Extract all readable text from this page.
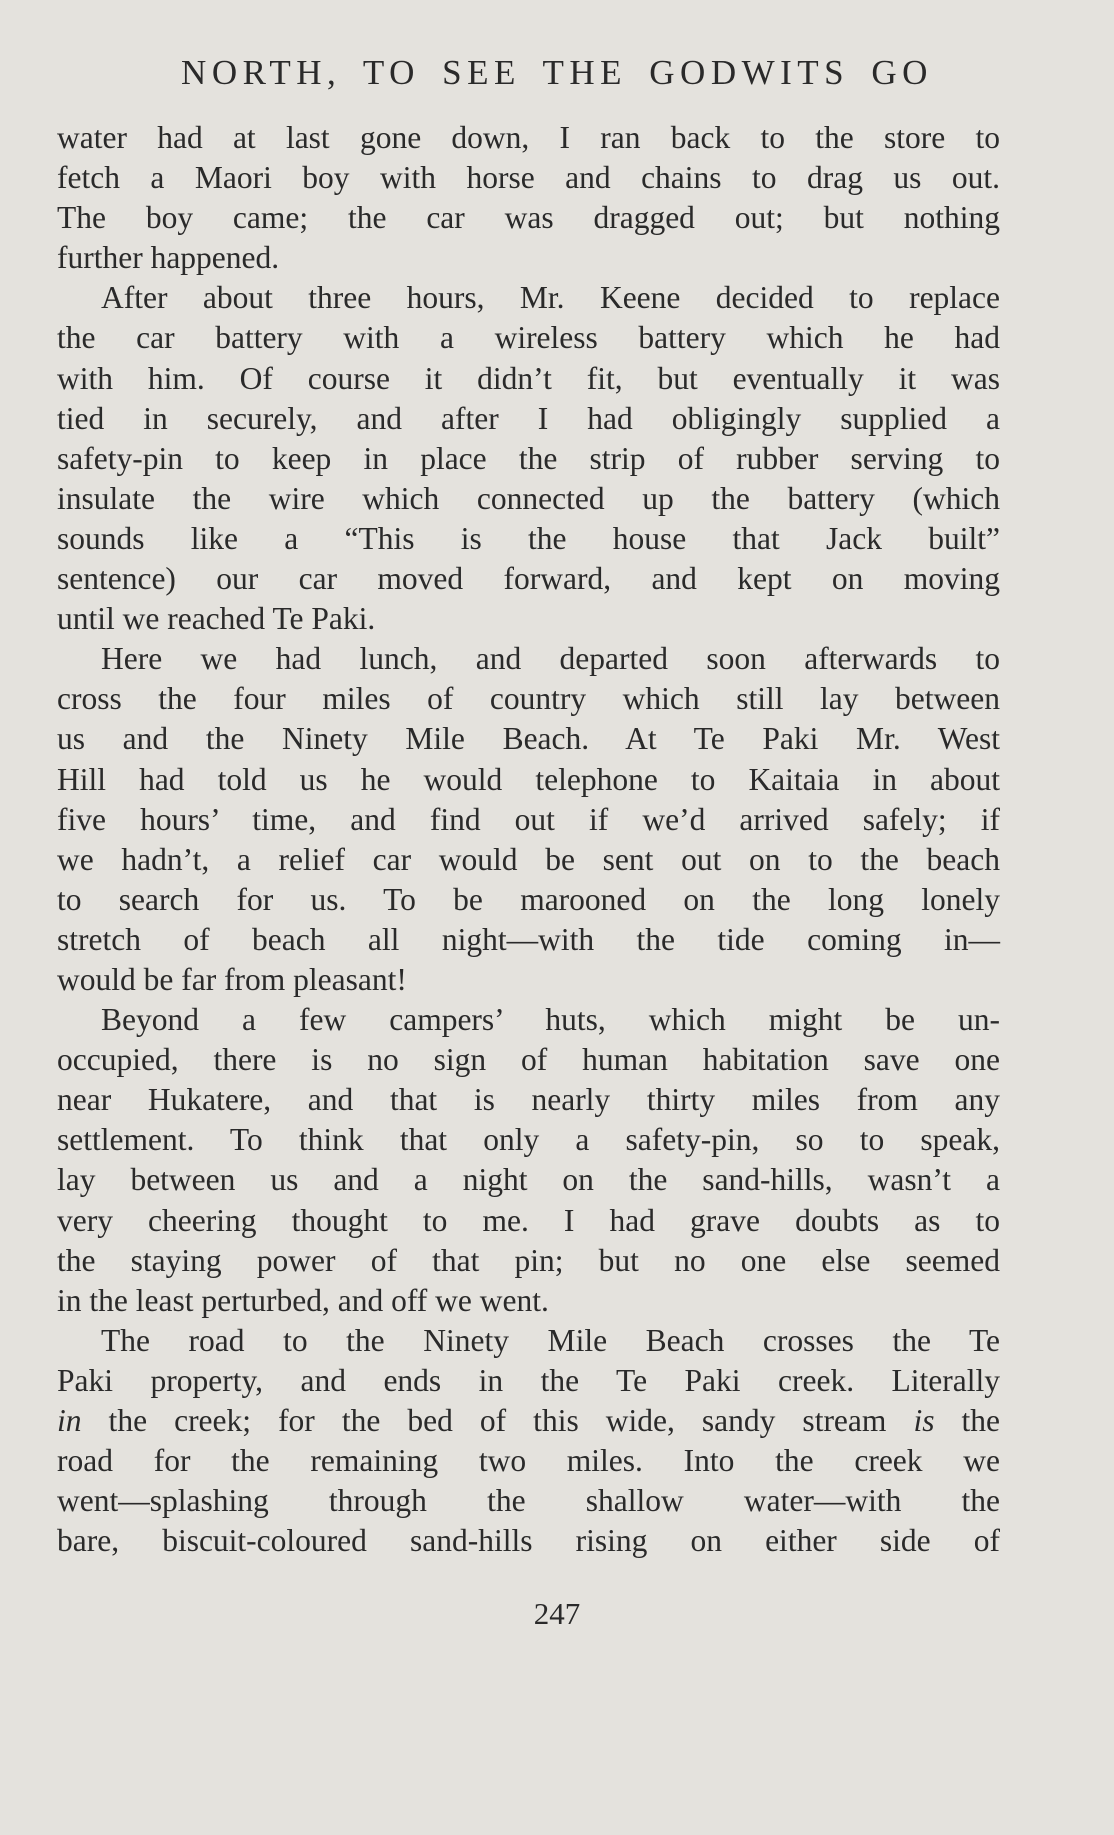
NORTH, TO SEE THE GODWITS GO
water had at last gone down, I ran back to the store to
fetch a Maori boy with horse and chains to drag us out.
The boy came; the car was dragged out; but nothing
further happened.
After about three hours, Mr. Keene decided to replace
the car battery with a wireless battery which he had
with him. Of course it didn’t fit, but eventually it was
tied in securely, and after I had obligingly supplied a
safety-pin to keep in place the strip of rubber serving to
insulate the wire which connected up the battery (which
sounds like a “This is the house that Jack built”
sentence) our car moved forward, and kept on moving
until we reached Te Paki.
Here we had lunch, and departed soon afterwards to
cross the four miles of country which still lay between
us and the Ninety Mile Beach. At Te Paki Mr. West
Hill had told us he would telephone to Kaitaia in about
five hours’ time, and find out if we’d arrived safely; if
we hadn’t, a relief car would be sent out on to the beach
to search for us. To be marooned on the long lonely
stretch of beach all night—with the tide coming in—
would be far from pleasant!
Beyond a few campers’ huts, which might be un-
occupied, there is no sign of human habitation save one
near Hukatere, and that is nearly thirty miles from any
settlement. To think that only a safety-pin, so to speak,
lay between us and a night on the sand-hills, wasn’t a
very cheering thought to me. I had grave doubts as to
the staying power of that pin; but no one else seemed
in the least perturbed, and off we went.
The road to the Ninety Mile Beach crosses the Te
Paki property, and ends in the Te Paki creek. Literally
in the creek; for the bed of this wide, sandy stream is the
road for the remaining two miles. Into the creek we
went—splashing through the shallow water—with the
bare, biscuit-coloured sand-hills rising on either side of
247
